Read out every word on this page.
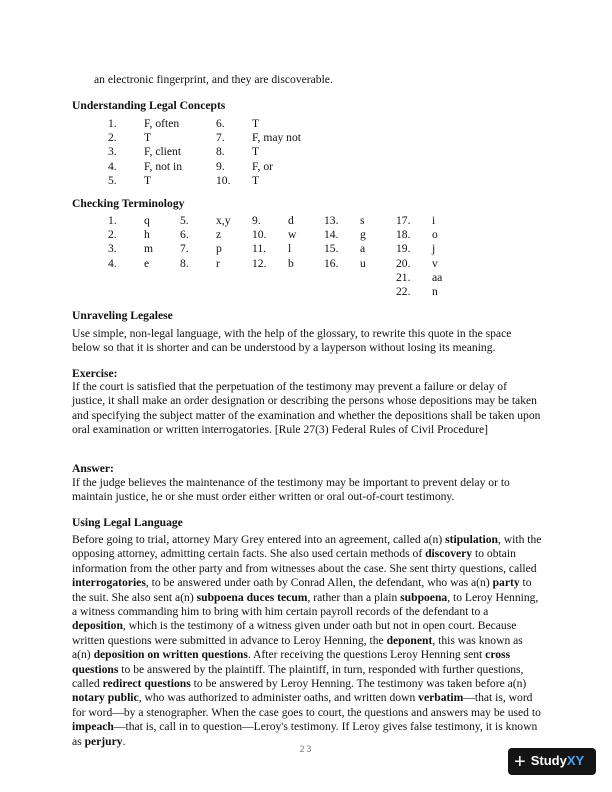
an electronic fingerprint, and they are discoverable.
Understanding Legal Concepts
1. F, often
2. T
3. F, client
4. F, not in
5. T
6. T
7. F, may not
8. T
9. F, or
10. T
Checking Terminology
1. q
2. h
3. m
4. e
5. x,y
6. z
7. p
8. r
9. d
10. w
11. l
12. b
13. s
14. g
15. a
16. u
17. i
18. o
19. j
20. v
21. aa
22. n
Unraveling Legalese
Use simple, non-legal language, with the help of the glossary, to rewrite this quote in the space below so that it is shorter and can be understood by a layperson without losing its meaning.
Exercise:
If the court is satisfied that the perpetuation of the testimony may prevent a failure or delay of justice, it shall make an order designation or describing the persons whose depositions may be taken and specifying the subject matter of the examination and whether the depositions shall be taken upon oral examination or written interrogatories. [Rule 27(3) Federal Rules of Civil Procedure]
Answer:
If the judge believes the maintenance of the testimony may be important to prevent delay or to maintain justice, he or she must order either written or oral out-of-court testimony.
Using Legal Language
Before going to trial, attorney Mary Grey entered into an agreement, called a(n) stipulation, with the opposing attorney, admitting certain facts. She also used certain methods of discovery to obtain information from the other party and from witnesses about the case. She sent thirty questions, called interrogatories, to be answered under oath by Conrad Allen, the defendant, who was a(n) party to the suit. She also sent a(n) subpoena duces tecum, rather than a plain subpoena, to Leroy Henning, a witness commanding him to bring with him certain payroll records of the defendant to a deposition, which is the testimony of a witness given under oath but not in open court. Because written questions were submitted in advance to Leroy Henning, the deponent, this was known as a(n) deposition on written questions. After receiving the questions Leroy Henning sent cross questions to be answered by the plaintiff. The plaintiff, in turn, responded with further questions, called redirect questions to be answered by Leroy Henning. The testimony was taken before a(n) notary public, who was authorized to administer oaths, and written down verbatim—that is, word for word—by a stenographer. When the case goes to court, the questions and answers may be used to impeach—that is, call in to question—Leroy's testimony. If Leroy gives false testimony, it is known as perjury.
23
+ Study XY
